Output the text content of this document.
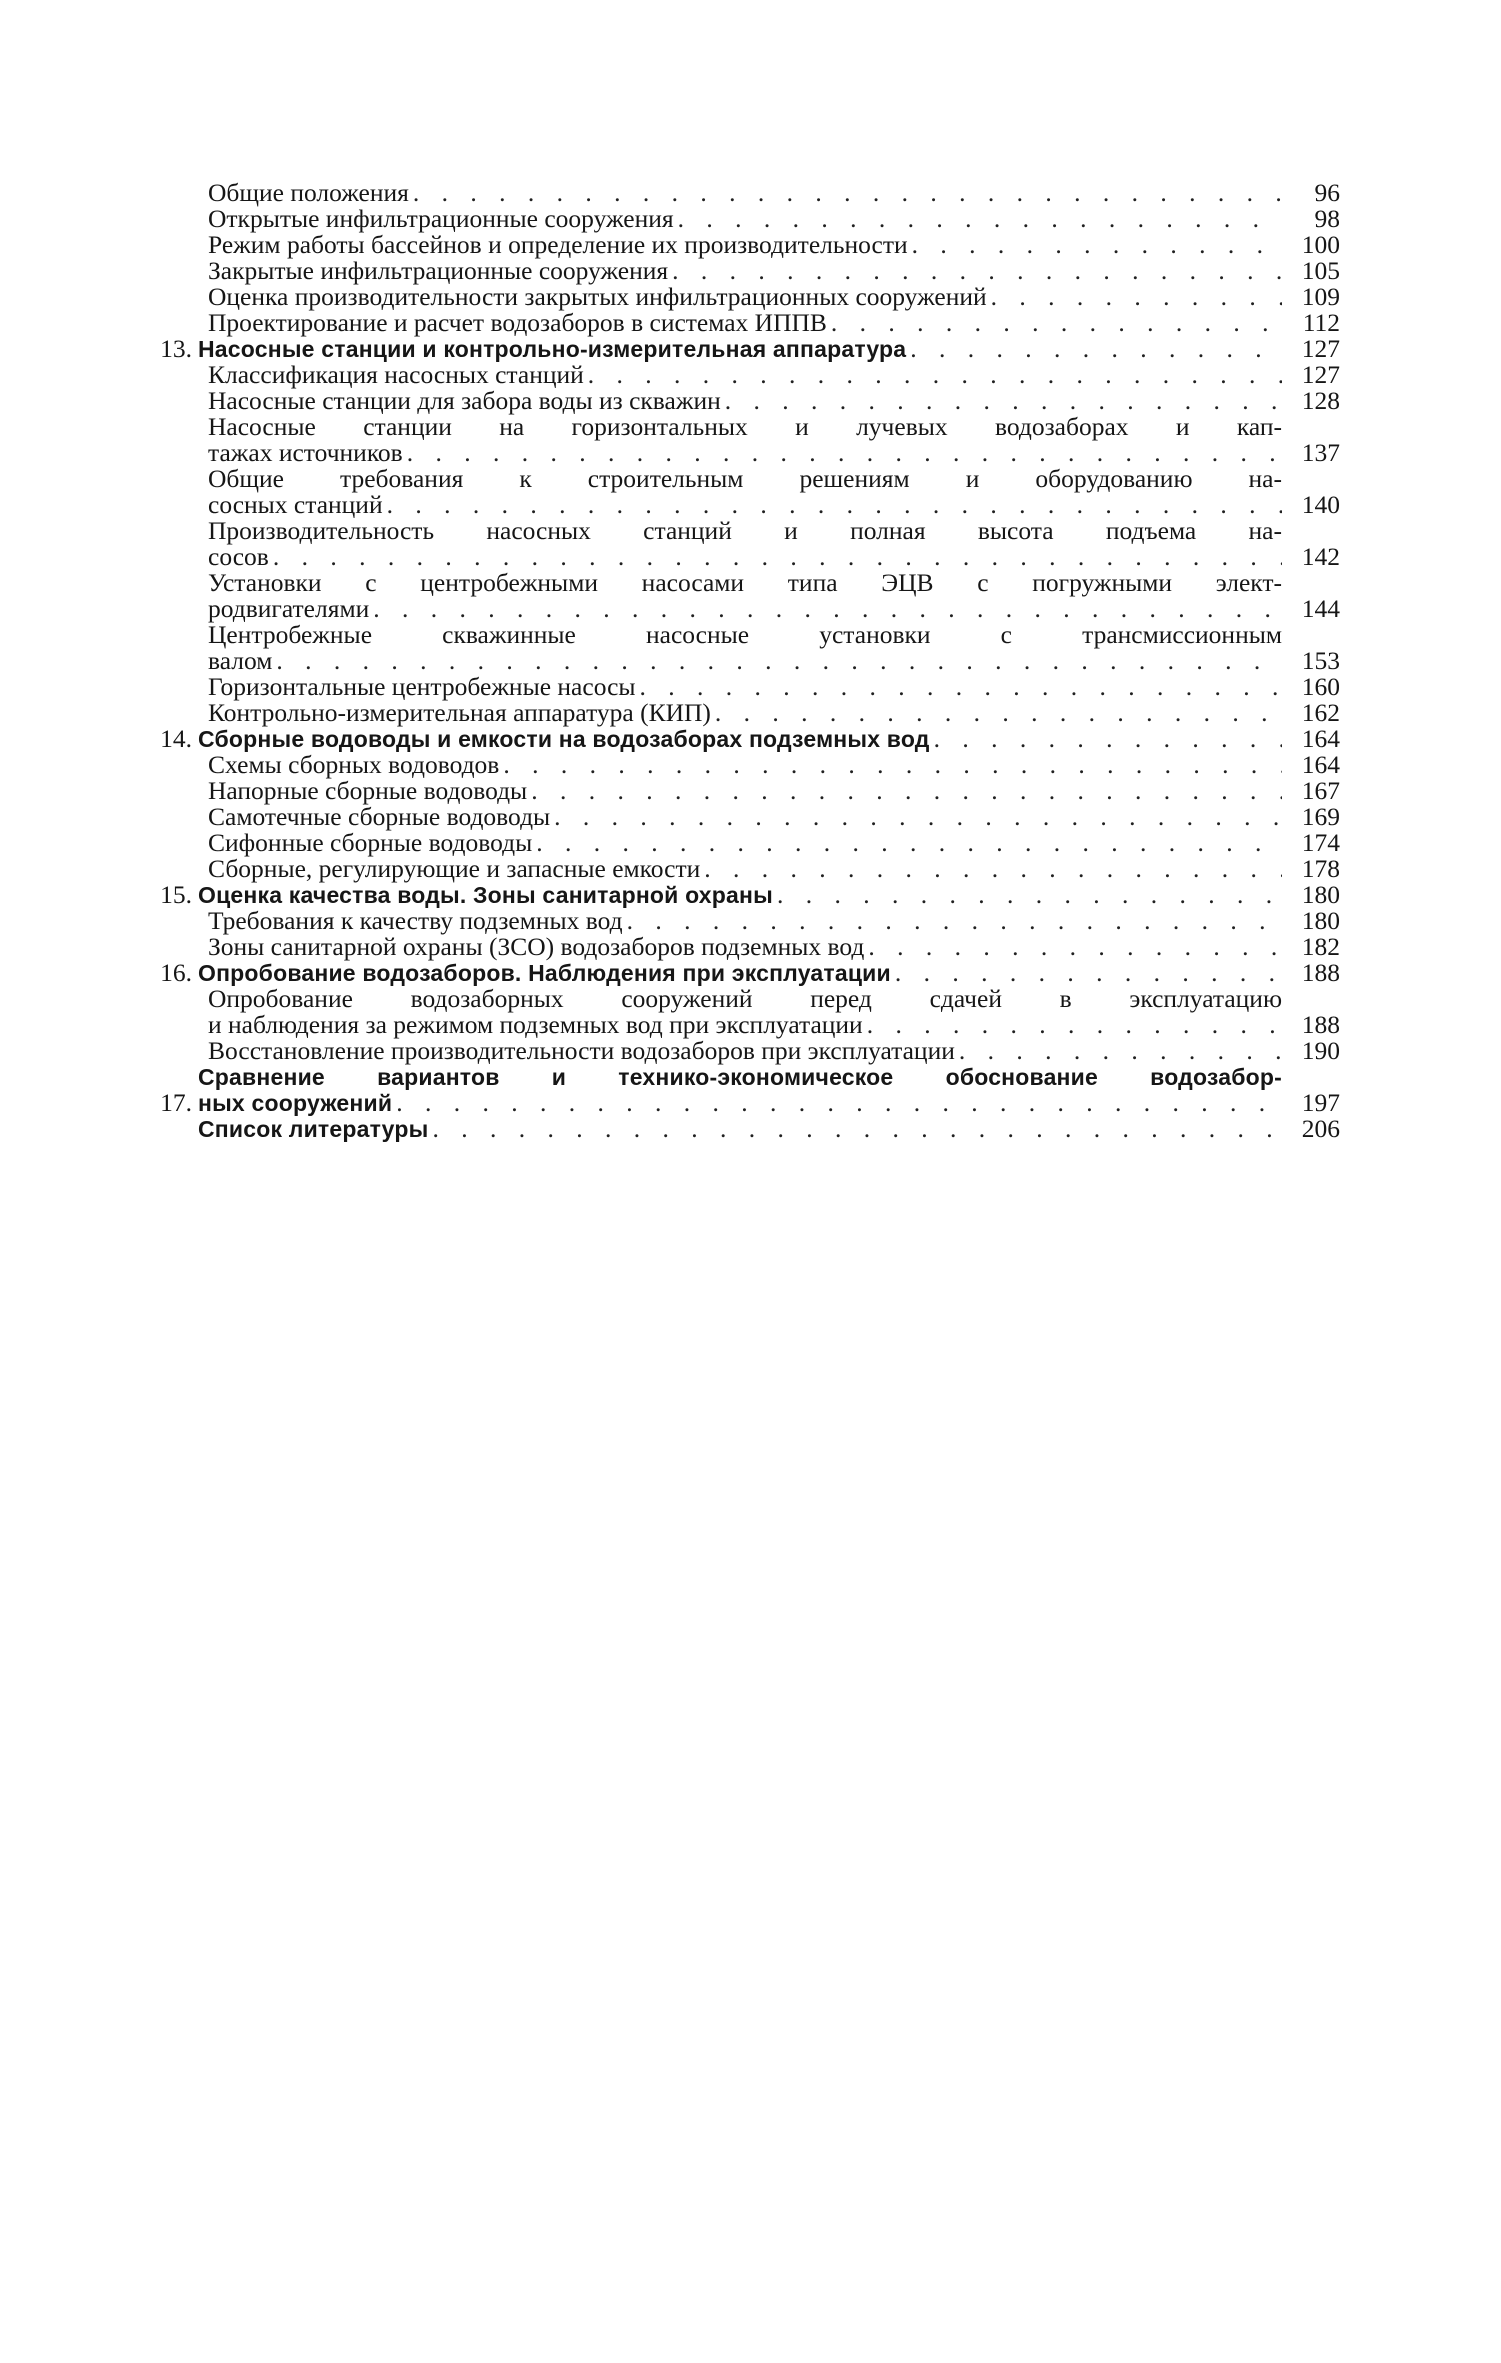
Общие положения . . .	96
Открытые инфильтрационные сооружения . . .	98
Режим работы бассейнов и определение их производительности . . .	100
Закрытые инфильтрационные сооружения . . .	105
Оценка производительности закрытых инфильтрационных сооружений . . .	109
Проектирование и расчет водозаборов в системах ИППВ . . .	112
13. Насосные станции и контрольно-измерительная аппаратура . . .	127
Классификация насосных станций . . .	127
Насосные станции для забора воды из скважин . . .	128
Насосные станции на горизонтальных и лучевых водозаборах и кап-
тажах источников . . .	137
Общие требования к строительным решениям и оборудованию на-
сосных станций . . .	140
Производительность насосных станций и полная высота подъема на-
сосов . . .	142
Установки с центробежными насосами типа ЭЦВ с погружными элект-
родвигателями . . .	144
Центробежные скважинные насосные установки с трансмиссионным
валом . . .	153
Горизонтальные центробежные насосы . . .	160
Контрольно-измерительная аппаратура (КИП) . . .	162
14. Сборные водоводы и емкости на водозаборах подземных вод . . .	164
Схемы сборных водоводов . . .	164
Напорные сборные водоводы . . .	167
Самотечные сборные водоводы . . .	169
Сифонные сборные водоводы . . .	174
Сборные, регулирующие и запасные емкости . . .	178
15. Оценка качества воды. Зоны санитарной охраны . . .	180
Требования к качеству подземных вод . . .	180
Зоны санитарной охраны (ЗСО) водозаборов подземных вод . . .	182
16. Опробование водозаборов. Наблюдения при эксплуатации . . .	188
Опробование водозаборных сооружений перед сдачей в эксплуатацию
и наблюдения за режимом подземных вод при эксплуатации . . .	188
Восстановление производительности водозаборов при эксплуатации . . .	190
17.
Сравнение вариантов и технико-экономическое обоснование водозабор-
ных сооружений . . .	197
Список литературы . . .	206
